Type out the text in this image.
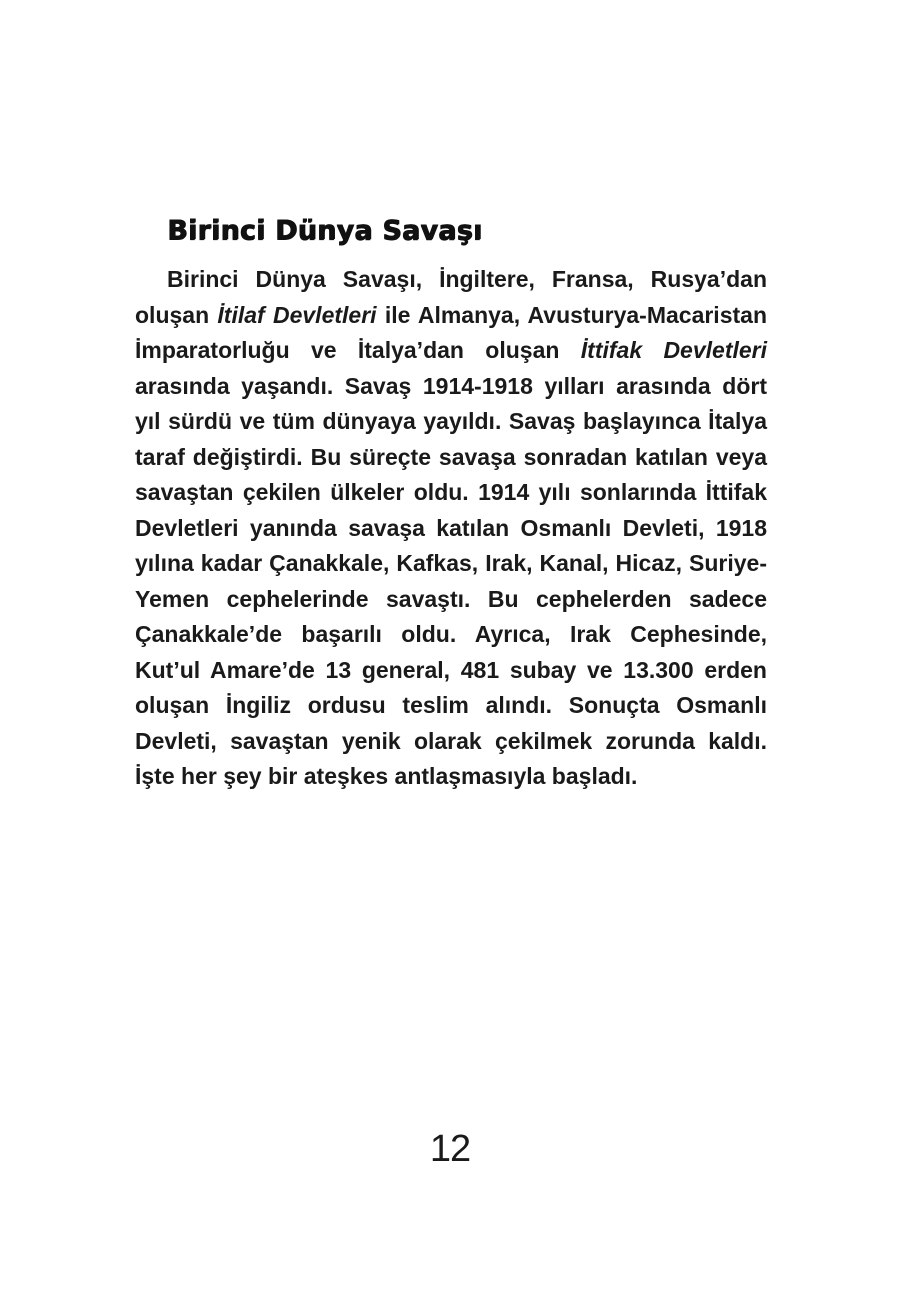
Birinci Dünya Savaşı

Birinci Dünya Savaşı, İngiltere, Fransa, Rusya’dan oluşan İtilaf Devletleri ile Almanya, Avusturya-Macaristan İmparatorluğu ve İtalya’dan oluşan İttifak Devletleri arasında yaşandı. Savaş 1914-1918 yılları arasında dört yıl sürdü ve tüm dünyaya yayıldı. Savaş başlayınca İtalya taraf değiştirdi. Bu süreçte savaşa sonradan katılan veya savaştan çekilen ülkeler oldu. 1914 yılı sonlarında İttifak Devletleri yanında savaşa katılan Osmanlı Devleti, 1918 yılına kadar Çanakkale, Kafkas, Irak, Kanal, Hicaz, Suriye-Yemen cephelerinde savaştı. Bu cephelerden sadece Çanakkale’de başarılı oldu. Ayrıca, Irak Cephesinde, Kut’ul Amare’de 13 general, 481 subay ve 13.300 erden oluşan İngiliz ordusu teslim alındı. Sonuçta Osmanlı Devleti, savaştan yenik olarak çekilmek zorunda kaldı. İşte her şey bir ateşkes antlaşmasıyla başladı.

12
